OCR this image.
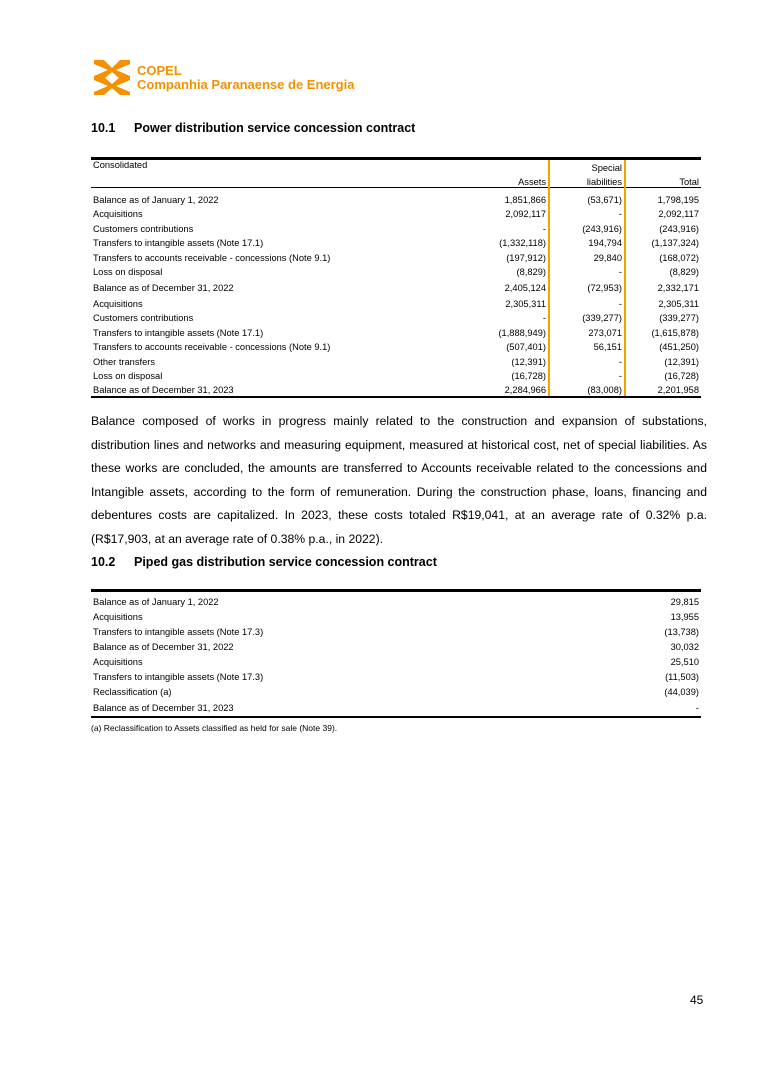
COPEL
Companhia Paranaense de Energia
10.1 Power distribution service concession contract
Consolidated		Special	
	Assets	liabilities	Total

Balance as of January 1, 2022	1,851,866	(53,671)	1,798,195
Acquisitions	2,092,117	-	2,092,117
Customers contributions	-	(243,916)	(243,916)
Transfers to intangible assets (Note 17.1)	(1,332,118)	194,794	(1,137,324)
Transfers to accounts receivable - concessions (Note 9.1)	(197,912)	29,840	(168,072)
Loss on disposal	(8,829)	-	(8,829)
Balance as of December 31, 2022	2,405,124	(72,953)	2,332,171
Acquisitions	2,305,311	-	2,305,311
Customers contributions	-	(339,277)	(339,277)
Transfers to intangible assets (Note 17.1)	(1,888,949)	273,071	(1,615,878)
Transfers to accounts receivable - concessions (Note 9.1)	(507,401)	56,151	(451,250)
Other transfers	(12,391)	-	(12,391)
Loss on disposal	(16,728)	-	(16,728)
Balance as of December 31, 2023	2,284,966	(83,008)	2,201,958
Balance composed of works in progress mainly related to the construction and expansion of substations, distribution lines and networks and measuring equipment, measured at historical cost, net of special liabilities. As these works are concluded, the amounts are transferred to Accounts receivable related to the concessions and Intangible assets, according to the form of remuneration. During the construction phase, loans, financing and debentures costs are capitalized. In 2023, these costs totaled R$19,041, at an average rate of 0.32% p.a. (R$17,903, at an average rate of 0.38% p.a., in 2022).
10.2 Piped gas distribution service concession contract

Balance as of January 1, 2022	29,815
Acquisitions	13,955
Transfers to intangible assets (Note 17.3)	(13,738)
Balance as of December 31, 2022	30,032
Acquisitions	25,510
Transfers to intangible assets (Note 17.3)	(11,503)
Reclassification (a)	(44,039)
Balance as of December 31, 2023	-
(a) Reclassification to Assets classified as held for sale (Note 39).
45
